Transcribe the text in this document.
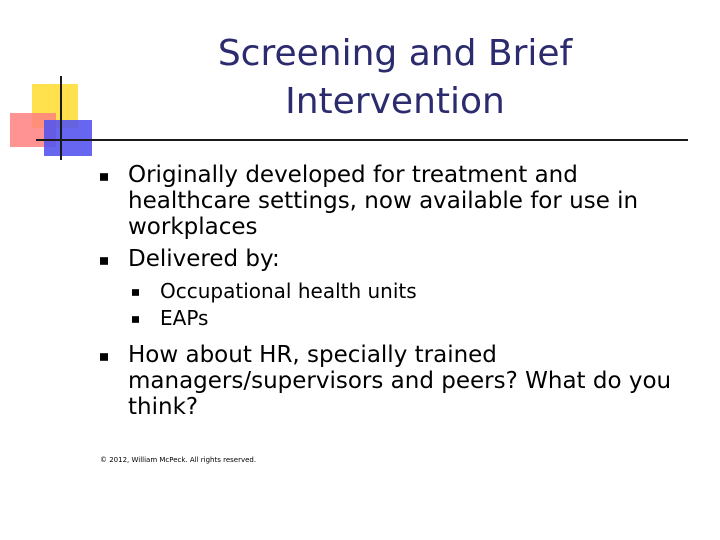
Screening and Brief
Intervention
Originally developed for treatment and healthcare settings, now available for use in workplaces
Delivered by:
Occupational health units
EAPs
How about HR, specially trained managers/supervisors and peers? What do you think?
© 2012, William McPeck. All rights reserved.
